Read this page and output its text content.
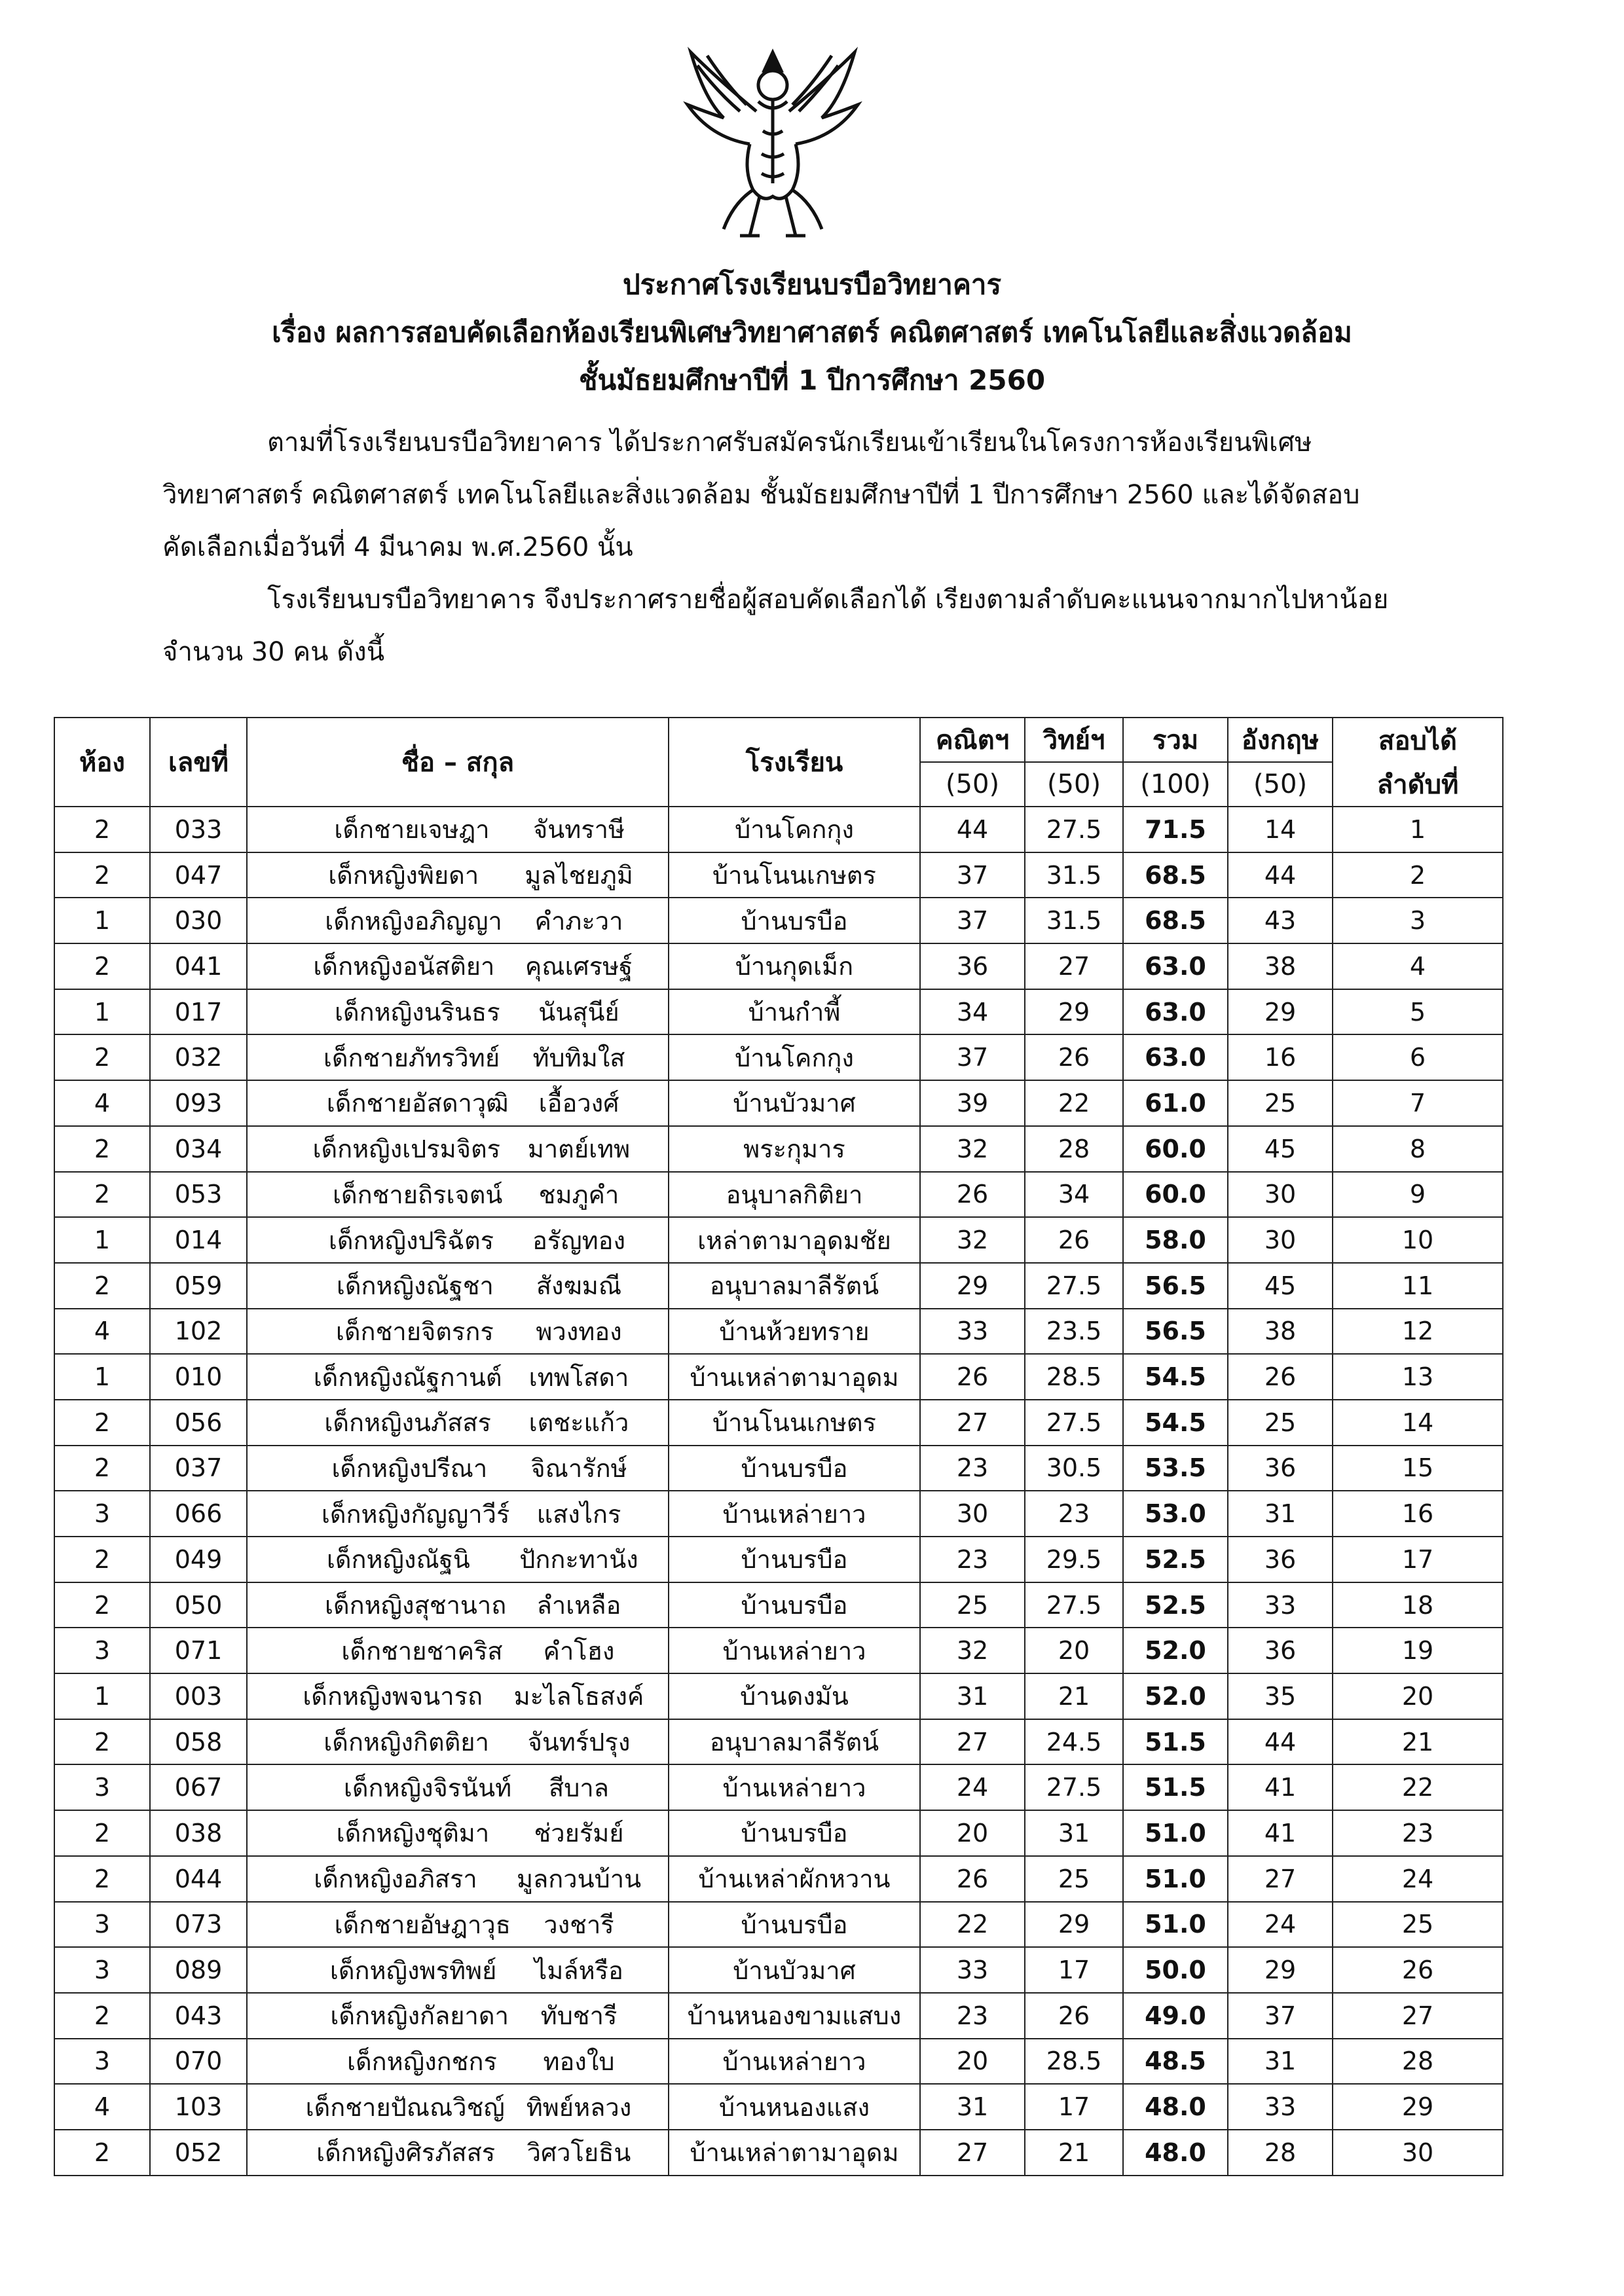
ประกาศโรงเรียนบรบือวิทยาคาร
เรื่อง ผลการสอบคัดเลือกห้องเรียนพิเศษวิทยาศาสตร์ คณิตศาสตร์ เทคโนโลยีและสิ่งแวดล้อม
ชั้นมัธยมศึกษาปีที่ 1 ปีการศึกษา 2560
ตามที่โรงเรียนบรบือวิทยาคาร ได้ประกาศรับสมัครนักเรียนเข้าเรียนในโครงการห้องเรียนพิเศษ
วิทยาศาสตร์ คณิตศาสตร์ เทคโนโลยีและสิ่งแวดล้อม ชั้นมัธยมศึกษาปีที่ 1 ปีการศึกษา 2560 และได้จัดสอบ
คัดเลือกเมื่อวันที่ 4 มีนาคม พ.ศ.2560 นั้น
โรงเรียนบรบือวิทยาคาร จึงประกาศรายชื่อผู้สอบคัดเลือกได้ เรียงตามลำดับคะแนนจากมากไปหาน้อย
จำนวน 30 คน ดังนี้
ห้อง	เลขที่	ชื่อ – สกุล	โรงเรียน	คณิตฯ	วิทย์ฯ	รวม	อังกฤษ	สอบได้
				(50)	(50)	(100)	(50)	ลำดับที่
2	033	เด็กชายเจษฎา จันทราษี	บ้านโคกกุง	44	27.5	71.5	14	1
2	047	เด็กหญิงพิยดา มูลไชยภูมิ	บ้านโนนเกษตร	37	31.5	68.5	44	2
1	030	เด็กหญิงอภิญญา คำภะวา	บ้านบรบือ	37	31.5	68.5	43	3
2	041	เด็กหญิงอนัสติยา คุณเศรษฐ์	บ้านกุดเม็ก	36	27	63.0	38	4
1	017	เด็กหญิงนรินธร นันสุนีย์	บ้านกำพี้	34	29	63.0	29	5
2	032	เด็กชายภัทรวิทย์ ทับทิมใส	บ้านโคกกุง	37	26	63.0	16	6
4	093	เด็กชายอัสดาวุฒิ เอื้อวงศ์	บ้านบัวมาศ	39	22	61.0	25	7
2	034	เด็กหญิงเปรมจิตร มาตย์เทพ	พระกุมาร	32	28	60.0	45	8
2	053	เด็กชายถิรเจตน์ ชมภูคำ	อนุบาลกิติยา	26	34	60.0	30	9
1	014	เด็กหญิงปริฉัตร อรัญทอง	เหล่าตามาอุดมชัย	32	26	58.0	30	10
2	059	เด็กหญิงณัฐชา สังฆมณี	อนุบาลมาลีรัตน์	29	27.5	56.5	45	11
4	102	เด็กชายจิตรกร พวงทอง	บ้านห้วยทราย	33	23.5	56.5	38	12
1	010	เด็กหญิงณัฐกานต์ เทพโสดา	บ้านเหล่าตามาอุดม	26	28.5	54.5	26	13
2	056	เด็กหญิงนภัสสร เตชะแก้ว	บ้านโนนเกษตร	27	27.5	54.5	25	14
2	037	เด็กหญิงปรีณา จิณารักษ์	บ้านบรบือ	23	30.5	53.5	36	15
3	066	เด็กหญิงกัญญาวีร์ แสงไกร	บ้านเหล่ายาว	30	23	53.0	31	16
2	049	เด็กหญิงณัฐนิ ปักกะทานัง	บ้านบรบือ	23	29.5	52.5	36	17
2	050	เด็กหญิงสุชานาถ ลำเหลือ	บ้านบรบือ	25	27.5	52.5	33	18
3	071	เด็กชายชาคริส คำโฮง	บ้านเหล่ายาว	32	20	52.0	36	19
1	003	เด็กหญิงพจนารถ มะไลโธสงค์	บ้านดงมัน	31	21	52.0	35	20
2	058	เด็กหญิงกิตติยา จันทร์ปรุง	อนุบาลมาลีรัตน์	27	24.5	51.5	44	21
3	067	เด็กหญิงจิรนันท์ สีบาล	บ้านเหล่ายาว	24	27.5	51.5	41	22
2	038	เด็กหญิงชุติมา ช่วยรัมย์	บ้านบรบือ	20	31	51.0	41	23
2	044	เด็กหญิงอภิสรา มูลกวนบ้าน	บ้านเหล่าผักหวาน	26	25	51.0	27	24
3	073	เด็กชายอัษฎาวุธ วงชารี	บ้านบรบือ	22	29	51.0	24	25
3	089	เด็กหญิงพรทิพย์ ไมล์หรือ	บ้านบัวมาศ	33	17	50.0	29	26
2	043	เด็กหญิงกัลยาดา ทับชารี	บ้านหนองขามแสบง	23	26	49.0	37	27
3	070	เด็กหญิงกชกร ทองใบ	บ้านเหล่ายาว	20	28.5	48.5	31	28
4	103	เด็กชายปัณณวิชญ์ ทิพย์หลวง	บ้านหนองแสง	31	17	48.0	33	29
2	052	เด็กหญิงศิรภัสสร วิศวโยธิน	บ้านเหล่าตามาอุดม	27	21	48.0	28	30
